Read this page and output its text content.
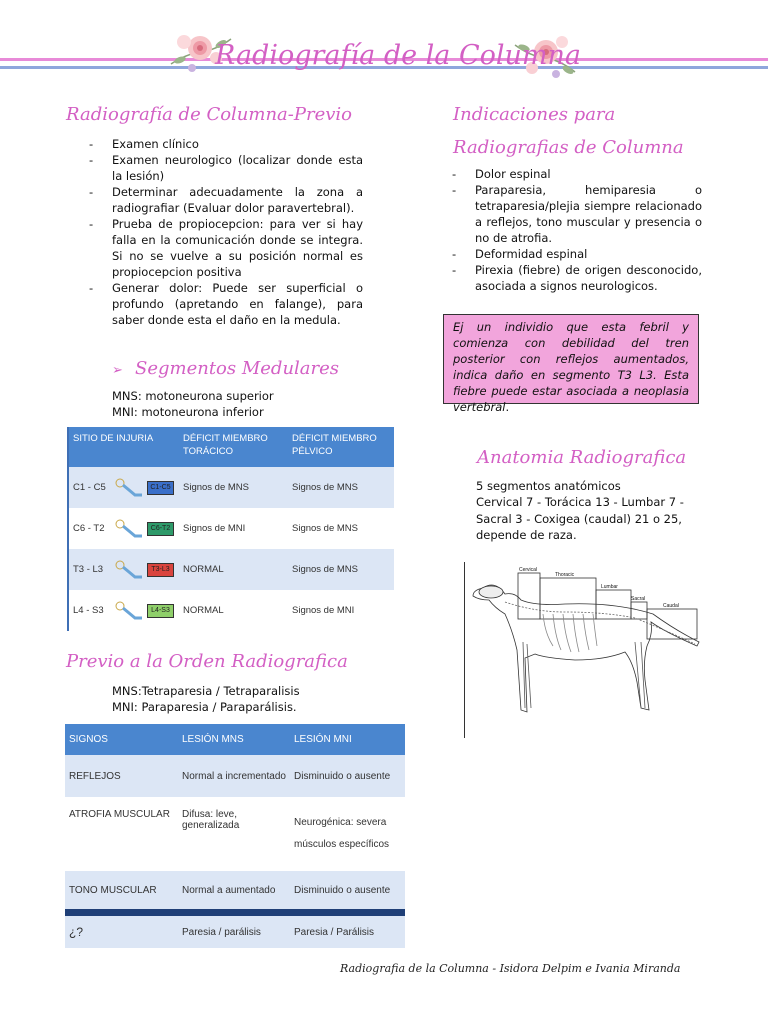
Radiografía de la Columna
Radiografía de Columna-Previo
- Examen clínico
- Examen neurologico (localizar donde esta la lesión)
- Determinar adecuadamente la zona a radiografiar (Evaluar dolor paravertebral).
- Prueba de propiocepcion: para ver si hay falla en la comunicación donde se integra. Si no se vuelve a su posición normal es propiocepcion positiva
- Generar dolor: Puede ser superficial o profundo (apretando en falange), para saber donde esta el daño en la medula.
➢ Segmentos Medulares
MNS: motoneurona superior
MNI: motoneurona inferior
SITIO DE INJURIA	DÉFICIT MIEMBRO TORÁCICO	DÉFICIT MIEMBRO PÉLVICO

C1 - C5 C1-C5	Signos de MNS	Signos de MNS

C6 - T2 C6-T2	Signos de MNI	Signos de MNS

T3 - L3 T3-L3	NORMAL	Signos de MNS

L4 - S3 L4-S3	NORMAL	Signos de MNI
Previo a la Orden Radiografica
MNS:Tetraparesia / Tetraparalisis
MNI: Paraparesia / Paraparálisis.
SIGNOS	LESIÓN MNS	LESIÓN MNI
REFLEJOS	Normal a incrementado	Disminuido o ausente
ATROFIA MUSCULAR	Difusa: leve, generalizada	Neurogénica: severa músculos específicos
TONO MUSCULAR	Normal a aumentado	Disminuido o ausente

¿?	Paresia / parálisis	Paresia / Parálisis
Indicaciones para
Radiografias de Columna
- Dolor espinal
- Paraparesia, hemiparesia o tetraparesia/plejia siempre relacionado a reflejos, tono muscular y presencia o no de atrofia.
- Deformidad espinal
- Pirexia (fiebre) de origen desconocido, asociada a signos neurologicos.
Ej un individio que esta febril y comienza con debilidad del tren posterior con reflejos aumentados, indica daño en segmento T3 L3. Esta fiebre puede estar asociada a neoplasia vertebral.
Anatomia Radiografica
5 segmentos anatómicos
Cervical 7 - Torácica 13 - Lumbar 7 -
Sacral 3 - Coxigea (caudal) 21 o 25,
depende de raza.
Cervical
Thoracic
Lumbar
Sacral
Caudal
Radiografia de la Columna - Isidora Delpim e Ivania Miranda
